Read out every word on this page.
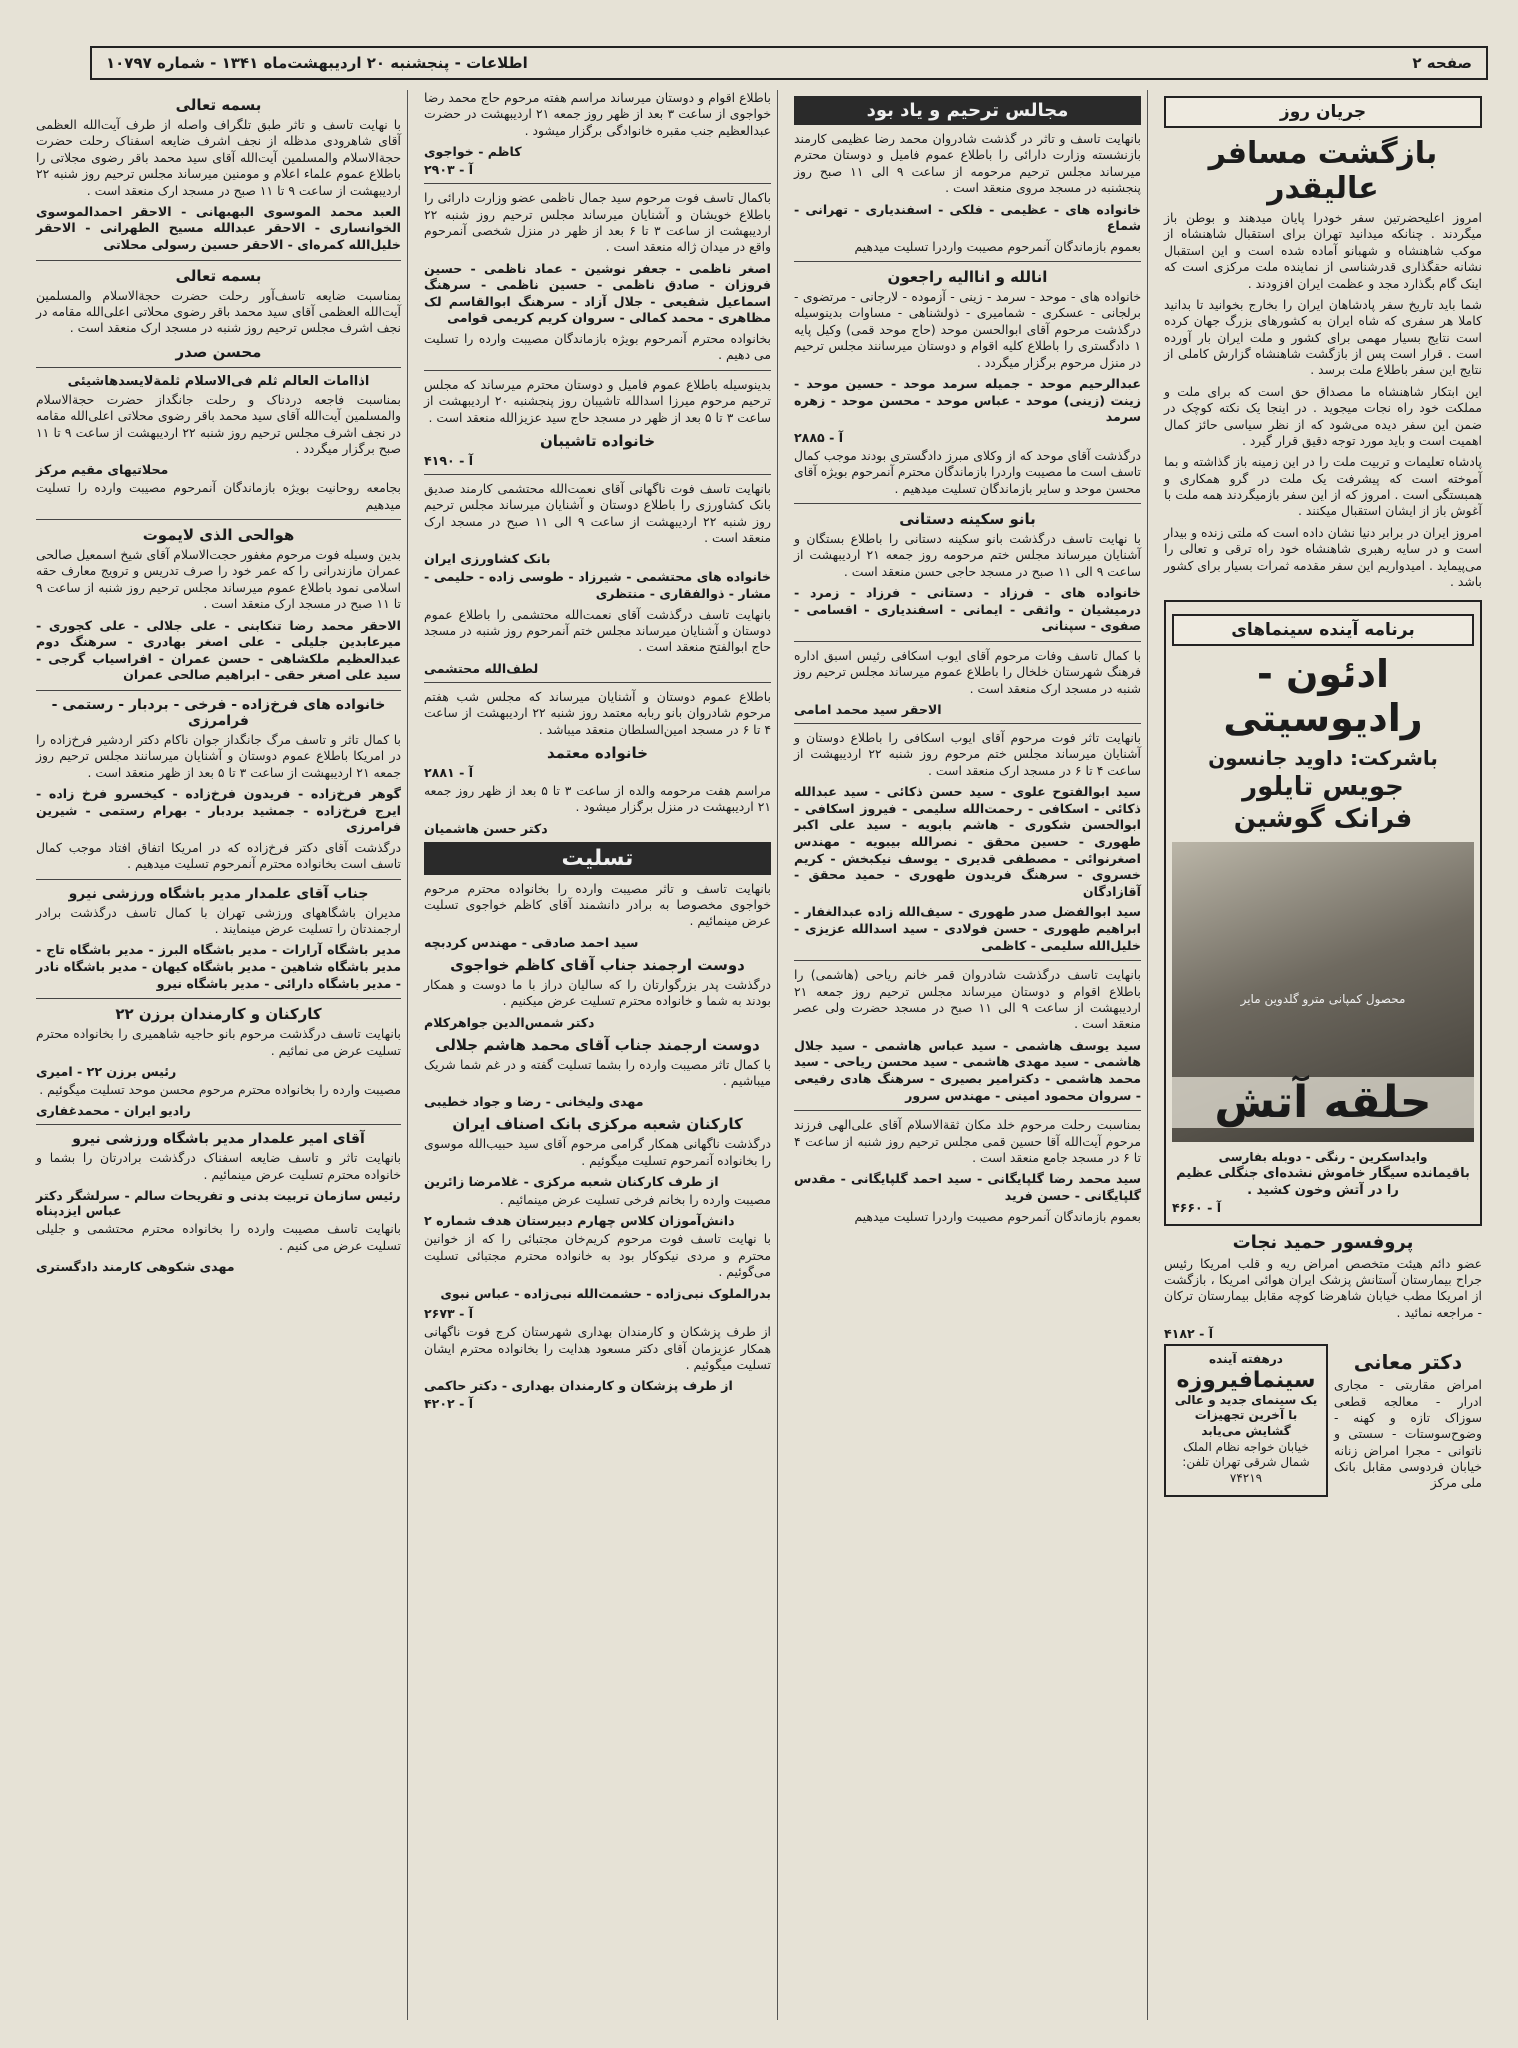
صفحه ۲
اطلاعات - پنجشنبه ۲۰ اردیبهشت‌ماه ۱۳۴۱ - شماره ۱۰۷۹۷
جریان روز
بازگشت مسافر عالیقدر

امروز اعلیحضرتین سفر خودرا پایان میدهند و بوطن باز میگردند . چنانکه میدانید تهران برای استقبال شاهنشاه از موکب شاهنشاه و شهبانو آماده شده است و این استقبال نشانه حقگذاری قدرشناسی از نماینده ملت مرکزی است که اینک گام بگذارد مجد و عظمت ایران افزودند .

شما باید تاریخ سفر پادشاهان ایران را بخارج بخوانید تا بدانید کاملا هر سفری که شاه ایران به کشورهای بزرگ جهان کرده است نتایج بسیار مهمی برای کشور و ملت ایران بار آورده است . قرار است پس از بازگشت شاهنشاه گزارش کاملی از نتایج این سفر باطلاع ملت برسد .

این ابتکار شاهنشاه ما مصداق حق است که برای ملت و مملکت خود راه نجات میجوید . در اینجا یک نکته کوچک در ضمن این سفر دیده می‌شود که از نظر سیاسی حائز کمال اهمیت است و باید مورد توجه دقیق قرار گیرد .

پادشاه تعلیمات و تربیت ملت را در این زمینه باز گذاشته و بما آموخته است که پیشرفت یک ملت در گرو همکاری و همبستگی است . امروز که از این سفر بازمیگردند همه ملت با آغوش باز از ایشان استقبال میکنند .

امروز ایران در برابر دنیا نشان داده است که ملتی زنده و بیدار است و در سایه رهبری شاهنشاه خود راه ترقی و تعالی را می‌پیماید . امیدواریم این سفر مقدمه ثمرات بسیار برای کشور باشد .

برنامه آینده سینماهای
ادئون - رادیوسیتی
باشرکت: داوید جانسون
جویس تایلور
فرانک گوشین
محصول کمپانی مترو گلدوین مایر
حلقه آتش
وایداسکرین - رنگی - دوبله بفارسی
باقیمانده سیگار خاموش نشده‌ای جنگلی عظیم را در آتش وخون کشید .
آ - ۴۶۶۰
پروفسور حمید نجات

عضو دائم هیئت متخصص امراض ریه و قلب امریکا رئیس جراح بیمارستان آستانش پزشک ایران هوائی امریکا ، بازگشت از امریکا مطب خیابان شاهرضا کوچه مقابل بیمارستان ترکان - مراجعه نمائید .

آ - ۴۱۸۲
دکتر معانی

امراض مقاربتی - مجاری ادرار - معالجه قطعی سوزاک تازه و کهنه - وضوح‌سوستات - سستی و ناتوانی - مجرا امراض زنانه خیابان فردوسی مقابل بانک ملی مرکز

درهفته آینده
سینمافیروزه
یک سینمای جدید و عالی با آخرین تجهیزات گشایش می‌یابد
خیابان خواجه نظام الملک شمال شرقی تهران تلفن: ۷۴۲۱۹
مجالس ترحیم و یاد بود

بانهایت تاسف و تاثر در گذشت شادروان محمد رضا عظیمی کارمند بازنشسته وزارت دارائی را باطلاع عموم فامیل و دوستان محترم میرساند مجلس ترحیم مرحومه از ساعت ۹ الی ۱۱ صبح روز پنجشنبه در مسجد مروی منعقد است .

خانواده های - عظیمی - فلکی - اسفندیاری - تهرانی - شماع

بعموم بازماندگان آنمرحوم مصیبت واردرا تسلیت میدهیم

انالله و اناالیه راجعون

خانواده های - موحد - سرمد - زینی - آزموده - لارجانی - مرتضوی - برلجانی - عسکری - شمامیری - ذولشناهی - مساوات بدینوسیله درگذشت مرحوم آقای ابوالحسن موحد (حاج موحد قمی) وکیل پایه ۱ دادگستری را باطلاع کلیه اقوام و دوستان میرسانند مجلس ترحیم در منزل مرحوم برگزار میگردد .

عبدالرحیم موحد - جمیله سرمد موحد - حسین موحد - زینت (زینی) موحد - عباس موحد - محسن موحد - زهره سرمد

آ - ۲۸۸۵

درگذشت آقای موحد که از وکلای مبرز دادگستری بودند موجب کمال تاسف است ما مصیبت واردرا بازماندگان محترم آنمرحوم بویژه آقای محسن موحد و سایر بازماندگان تسلیت میدهیم .

بانو سکینه دستانی

با نهایت تاسف درگذشت بانو سکینه دستانی را باطلاع بستگان و آشنایان میرساند مجلس ختم مرحومه روز جمعه ۲۱ اردیبهشت از ساعت ۹ الی ۱۱ صبح در مسجد حاجی حسن منعقد است .

خانواده های - فرزاد - دستانی - فرزاد - زمرد - درمیشیان - واثقی - ایمانی - اسفندیاری - اقسامی - صفوی - سپنانی

با کمال تاسف وفات مرحوم آقای ایوب اسکافی رئیس اسبق اداره فرهنگ شهرستان خلخال را باطلاع عموم میرساند مجلس ترحیم روز شنبه در مسجد ارک منعقد است .

الاحقر سید محمد امامی

بانهایت تاثر فوت مرحوم آقای ایوب اسکافی را باطلاع دوستان و آشنایان میرساند مجلس ختم مرحوم روز شنبه ۲۲ اردیبهشت از ساعت ۴ تا ۶ در مسجد ارک منعقد است .

سید ابوالفتوح علوی - سید حسن ذکائی - سید عبدالله ذکائی - اسکافی - رحمت‌الله سلیمی - فیروز اسکافی - ابوالحسن شکوری - هاشم بابویه - سید علی اکبر طهوری - حسین محقق - نصرالله بیبویه - مهندس اصغرنوائی - مصطفی قدیری - یوسف نیکبخش - کریم خسروی - سرهنگ فریدون طهوری - حمید محقق - آقازادگان

سید ابوالفضل صدر طهوری - سیف‌الله زاده عبدالغفار - ابراهیم طهوری - حسن فولادی - سید اسدالله عزیزی - خلیل‌الله سلیمی - کاظمی

بانهایت تاسف درگذشت شادروان قمر خانم ریاحی (هاشمی) را باطلاع اقوام و دوستان میرساند مجلس ترحیم روز جمعه ۲۱ اردیبهشت از ساعت ۹ الی ۱۱ صبح در مسجد حضرت ولی عصر منعقد است .

سید یوسف هاشمی - سید عباس هاشمی - سید جلال هاشمی - سید مهدی هاشمی - سید محسن ریاحی - سید محمد هاشمی - دکترامیر بصیری - سرهنگ هادی رفیعی - سروان محمود امینی - مهندس سرور

بمناسبت رحلت مرحوم خلد مکان ثقةالاسلام آقای علی‌الهی فرزند مرحوم آیت‌الله آقا حسین قمی مجلس ترحیم روز شنبه از ساعت ۴ تا ۶ در مسجد جامع منعقد است .

سید محمد رضا گلپایگانی - سید احمد گلپایگانی - مقدس گلپایگانی - حسن فرید

بعموم بازماندگان آنمرحوم مصیبت واردرا تسلیت میدهیم

باطلاع اقوام و دوستان میرساند مراسم هفته مرحوم حاج محمد رضا خواجوی از ساعت ۳ بعد از ظهر روز جمعه ۲۱ اردیبهشت در حضرت عبدالعظیم جنب مقبره خانوادگی برگزار میشود .

کاظم - خواجوی
آ - ۲۹۰۳

باکمال تاسف فوت مرحوم سید جمال ناظمی عضو وزارت دارائی را باطلاع خویشان و آشنایان میرساند مجلس ترحیم روز شنبه ۲۲ اردیبهشت از ساعت ۳ تا ۶ بعد از ظهر در منزل شخصی آنمرحوم واقع در میدان ژاله منعقد است .

اصغر ناظمی - جعفر نوشین - عماد ناظمی - حسین فروزان - صادق ناظمی - حسین ناظمی - سرهنگ اسماعیل شفیعی - جلال آزاد - سرهنگ ابوالقاسم لک مظاهری - محمد کمالی - سروان کریم کریمی قوامی

بخانواده محترم آنمرحوم بویژه بازماندگان مصیبت وارده را تسلیت می دهیم .

بدینوسیله باطلاع عموم فامیل و دوستان محترم میرساند که مجلس ترحیم مرحوم میرزا اسدالله تاشیبان روز پنجشنبه ۲۰ اردیبهشت از ساعت ۳ تا ۵ بعد از ظهر در مسجد حاج سید عزیزالله منعقد است .

خانواده تاشیبان
آ - ۴۱۹۰

بانهایت تاسف فوت ناگهانی آقای نعمت‌الله محتشمی کارمند صدیق بانک کشاورزی را باطلاع دوستان و آشنایان میرساند مجلس ترحیم روز شنبه ۲۲ اردیبهشت از ساعت ۹ الی ۱۱ صبح در مسجد ارک منعقد است .

بانک کشاورزی ایران

خانواده های محتشمی - شیرزاد - طوسی زاده - حلیمی - مشار - ذوالفقاری - منتظری

بانهایت تاسف درگذشت آقای نعمت‌الله محتشمی را باطلاع عموم دوستان و آشنایان میرساند مجلس ختم آنمرحوم روز شنبه در مسجد حاج ابوالفتح منعقد است .

لطف‌الله محتشمی

باطلاع عموم دوستان و آشنایان میرساند که مجلس شب هفتم مرحوم شادروان بانو ربابه معتمد روز شنبه ۲۲ اردیبهشت از ساعت ۴ تا ۶ در مسجد امین‌السلطان منعقد میباشد .

خانواده معتمد
آ - ۲۸۸۱

مراسم هفت مرحومه والده از ساعت ۳ تا ۵ بعد از ظهر روز جمعه ۲۱ اردیبهشت در منزل برگزار میشود .

دکتر حسن هاشمیان
تسلیت

بانهایت تاسف و تاثر مصیبت وارده را بخانواده محترم مرحوم خواجوی مخصوصا به برادر دانشمند آقای کاظم خواجوی تسلیت عرض مینمائیم .

سید احمد صادقی - مهندس کردبچه
دوست ارجمند جناب آقای کاظم خواجوی

درگذشت پدر بزرگوارتان را که سالیان دراز با ما دوست و همکار بودند به شما و خانواده محترم تسلیت عرض میکنیم .

دکتر شمس‌الدین جواهرکلام
دوست ارجمند جناب آقای محمد هاشم جلالی

با کمال تاثر مصیبت وارده را بشما تسلیت گفته و در غم شما شریک میباشیم .

مهدی ولیخانی - رضا و جواد خطیبی
کارکنان شعبه مرکزی بانک اصناف ایران

درگذشت ناگهانی همکار گرامی مرحوم آقای سید حبیب‌الله موسوی را بخانواده آنمرحوم تسلیت میگوئیم .

از طرف کارکنان شعبه مرکزی - غلامرضا زائرین

مصیبت وارده را بخانم فرخی تسلیت عرض مینمائیم .

دانش‌آموزان کلاس چهارم دبیرستان هدف شماره ۲

با نهایت تاسف فوت مرحوم کریم‌خان مجتبائی را که از خوانین محترم و مردی نیکوکار بود به خانواده محترم مجتبائی تسلیت می‌گوئیم .

بدرالملوک نبی‌زاده - حشمت‌الله نبی‌زاده - عباس نبوی

آ - ۲۶۷۳

از طرف پزشکان و کارمندان بهداری شهرستان کرج فوت ناگهانی همکار عزیزمان آقای دکتر مسعود هدایت را بخانواده محترم ایشان تسلیت میگوئیم .

از طرف پزشکان و کارمندان بهداری - دکتر حاکمی
آ - ۴۲۰۲
بسمه تعالی

با نهایت تاسف و تاثر طبق تلگراف واصله از طرف آیت‌الله العظمی آقای شاهرودی مدظله از نجف اشرف ضایعه اسفناک رحلت حضرت حجةالاسلام والمسلمین آیت‌الله آقای سید محمد باقر رضوی مجلاتی را باطلاع عموم علماء اعلام و مومنین میرساند مجلس ترحیم روز شنبه ۲۲ اردیبهشت از ساعت ۹ تا ۱۱ صبح در مسجد ارک منعقد است .

العبد محمد الموسوی البهبهانی - الاحقر احمدالموسوی الخوانساری - الاحقر عبدالله مسیح الطهرانی - الاحقر خلیل‌الله کمره‌ای - الاحقر حسین رسولی محلاتی

بسمه تعالی

بمناسبت ضایعه تاسف‌آور رحلت حضرت حجةالاسلام والمسلمین آیت‌الله العظمی آقای سید محمد باقر رضوی محلاتی اعلی‌الله مقامه در نجف اشرف مجلس ترحیم روز شنبه در مسجد ارک منعقد است .

محسن صدر
اذاامات العالم ثلم فی‌الاسلام ثلمةلایسدهاشیئی

بمناسبت فاجعه دردناک و رحلت جانگداز حضرت حجةالاسلام والمسلمین آیت‌الله آقای سید محمد باقر رضوی محلاتی اعلی‌الله مقامه در نجف اشرف مجلس ترحیم روز شنبه ۲۲ اردیبهشت از ساعت ۹ تا ۱۱ صبح برگزار میگردد .

محلاتیهای مقیم مرکز

بجامعه روحانیت بویژه بازماندگان آنمرحوم مصیبت وارده را تسلیت میدهیم

هوالحی الذی لایموت

بدین وسیله فوت مرحوم مغفور حجت‌الاسلام آقای شیخ اسمعیل صالحی عمران مازندرانی را که عمر خود را صرف تدریس و ترویج معارف حقه اسلامی نمود باطلاع عموم میرساند مجلس ترحیم روز شنبه از ساعت ۹ تا ۱۱ صبح در مسجد ارک منعقد است .

الاحقر محمد رضا تنکابنی - علی جلالی - علی کجوری - میرعابدین جلیلی - علی اصغر بهادری - سرهنگ دوم عبدالعظیم ملکشاهی - حسن عمران - افراسیاب گرجی - سید علی اصغر حقی - ابراهیم صالحی عمران

خانواده های فرخ‌زاده - فرخی - بردبار - رستمی - فرامرزی

با کمال تاثر و تاسف مرگ جانگداز جوان ناکام دکتر اردشیر فرخ‌زاده را در امریکا باطلاع عموم دوستان و آشنایان میرسانند مجلس ترحیم روز جمعه ۲۱ اردیبهشت از ساعت ۳ تا ۵ بعد از ظهر منعقد است .

گوهر فرخ‌زاده - فریدون فرخ‌زاده - کیخسرو فرخ زاده - ایرج فرخ‌زاده - جمشید بردبار - بهرام رستمی - شیرین فرامرزی

درگذشت آقای دکتر فرخ‌زاده که در امریکا اتفاق افتاد موجب کمال تاسف است بخانواده محترم آنمرحوم تسلیت میدهیم .

جناب آقای علمدار مدیر باشگاه ورزشی نیرو

مدیران باشگاههای ورزشی تهران با کمال تاسف درگذشت برادر ارجمندتان را تسلیت عرض مینمایند .

مدیر باشگاه آرارات - مدیر باشگاه البرز - مدیر باشگاه تاج - مدیر باشگاه شاهین - مدیر باشگاه کیهان - مدیر باشگاه نادر - مدیر باشگاه دارائی - مدیر باشگاه نیرو

کارکنان و کارمندان برزن ۲۲

بانهایت تاسف درگذشت مرحوم بانو حاجیه شاهمیری را بخانواده محترم تسلیت عرض می نمائیم .

رئیس برزن ۲۲ - امیری

مصیبت وارده را بخانواده محترم مرحوم محسن موحد تسلیت میگوئیم .

رادیو ایران - محمدغفاری
آقای امیر علمدار مدیر باشگاه ورزشی نیرو

بانهایت تاثر و تاسف ضایعه اسفناک درگذشت برادرتان را بشما و خانواده محترم تسلیت عرض مینمائیم .

رئیس سازمان تربیت بدنی و تفریحات سالم - سرلشگر دکتر عباس ایزدپناه

بانهایت تاسف مصیبت وارده را بخانواده محترم محتشمی و جلیلی تسلیت عرض می کنیم .

مهدی شکوهی کارمند دادگستری
